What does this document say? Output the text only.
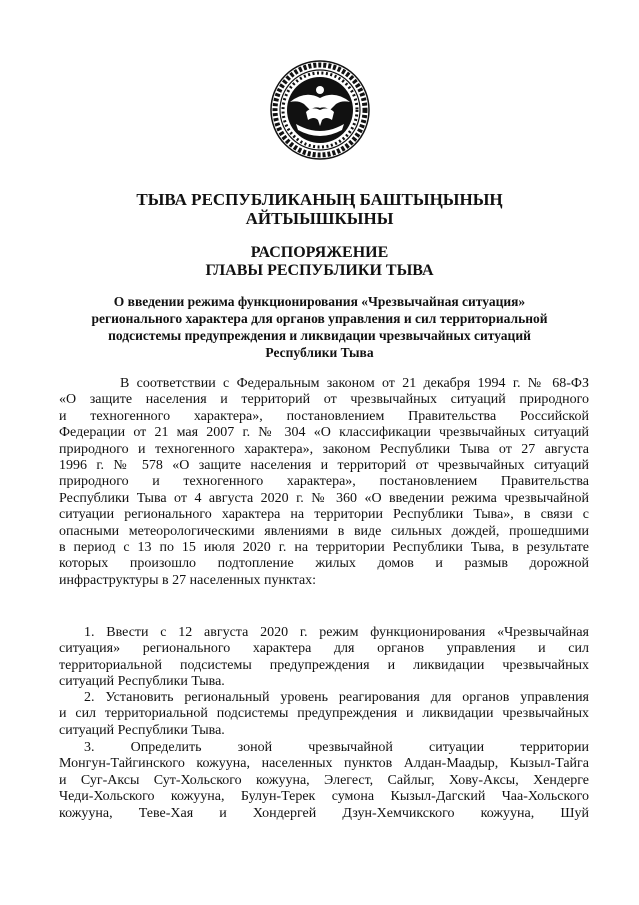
ТЫВА РЕСПУБЛИКАНЫҢ БАШТЫҢЫНЫҢ
АЙТЫЫШКЫНЫ
РАСПОРЯЖЕНИЕ
ГЛАВЫ РЕСПУБЛИКИ ТЫВА
О введении режима функционирования «Чрезвычайная ситуация»
регионального характера для органов управления и сил территориальной
подсистемы предупреждения и ликвидации чрезвычайных ситуаций
Республики Тыва
В соответствии с Федеральным законом от 21 декабря 1994 г. № 68-ФЗ
«О защите населения и территорий от чрезвычайных ситуаций природного
и техногенного характера», постановлением Правительства Российской
Федерации от 21 мая 2007 г. № 304 «О классификации чрезвычайных ситуаций
природного и техногенного характера», законом Республики Тыва от 27 августа
1996 г. № 578 «О защите населения и территорий от чрезвычайных ситуаций
природного и техногенного характера», постановлением Правительства
Республики Тыва от 4 августа 2020 г. № 360 «О введении режима чрезвычайной
ситуации регионального характера на территории Республики Тыва», в связи с
опасными метеорологическими явлениями в виде сильных дождей, прошедшими
в период с 13 по 15 июля 2020 г. на территории Республики Тыва, в результате
которых произошло подтопление жилых домов и размыв дорожной
инфраструктуры в 27 населенных пунктах:
1. Ввести с 12 августа 2020 г. режим функционирования «Чрезвычайная
ситуация» регионального характера для органов управления и сил
территориальной подсистемы предупреждения и ликвидации чрезвычайных
ситуаций Республики Тыва.
2. Установить региональный уровень реагирования для органов управления
и сил территориальной подсистемы предупреждения и ликвидации чрезвычайных
ситуаций Республики Тыва.
3. Определить зоной чрезвычайной ситуации территории
Монгун-Тайгинского кожууна, населенных пунктов Алдан-Маадыр, Кызыл-Тайга
и Суг-Аксы Сут-Хольского кожууна, Элегест, Сайлыг, Хову-Аксы, Хендерге
Чеди-Хольского кожууна, Булун-Терек сумона Кызыл-Дагский Чаа-Хольского
кожууна, Теве-Хая и Хондергей Дзун-Хемчикского кожууна, Шуй
